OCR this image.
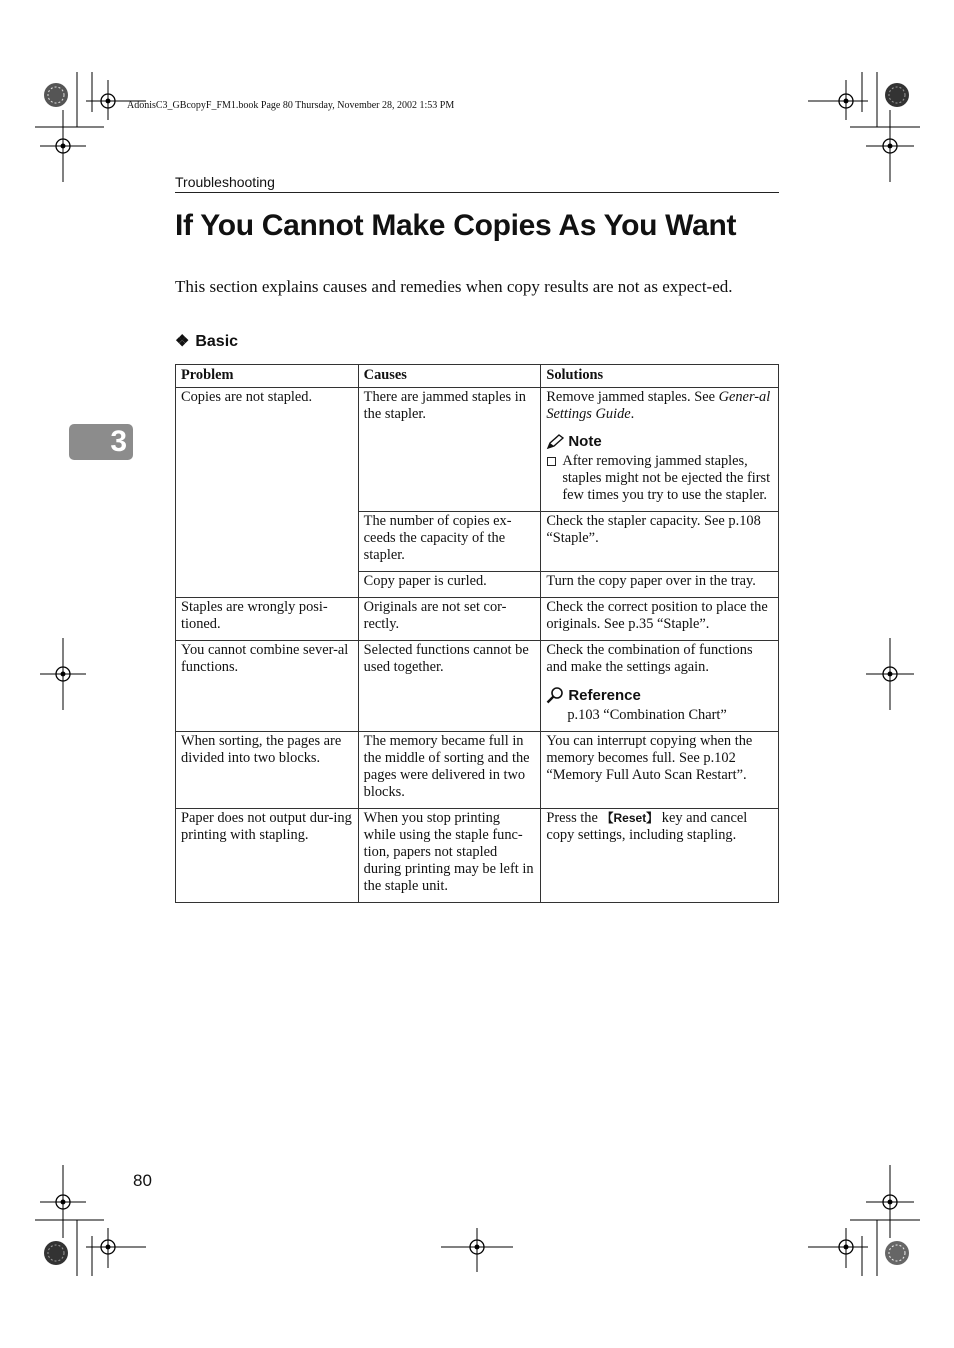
AdonisC3_GBcopyF_FM1.book Page 80 Thursday, November 28, 2002 1:53 PM
Troubleshooting
If You Cannot Make Copies As You Want
This section explains causes and remedies when copy results are not as expect-ed.
❖ Basic
3
Problem	Causes	Solutions
Copies are not stapled.	There are jammed staples in the stapler.	Remove jammed staples. See Gener-al Settings Guide.
Note
After removing jammed staples, staples might not be ejected the first few times you try to use the stapler.

	The number of copies ex-ceeds the capacity of the stapler.	Check the stapler capacity. See p.108 “Staple”.
	Copy paper is curled.	Turn the copy paper over in the tray.
Staples are wrongly posi-tioned.	Originals are not set cor-rectly.	Check the correct position to place the originals. See p.35 “Staple”.
You cannot combine sever-al functions.	Selected functions cannot be used together.	Check the combination of functions and make the settings again.
Reference
p.103 “Combination Chart”

When sorting, the pages are divided into two blocks.	The memory became full in the middle of sorting and the pages were delivered in two blocks.	You can interrupt copying when the memory becomes full. See p.102 “Memory Full Auto Scan Restart”.
Paper does not output dur-ing printing with stapling.	When you stop printing while using the staple func-tion, papers not stapled during printing may be left in the staple unit.	Press the 【Reset】 key and cancel copy settings, including stapling.
80
